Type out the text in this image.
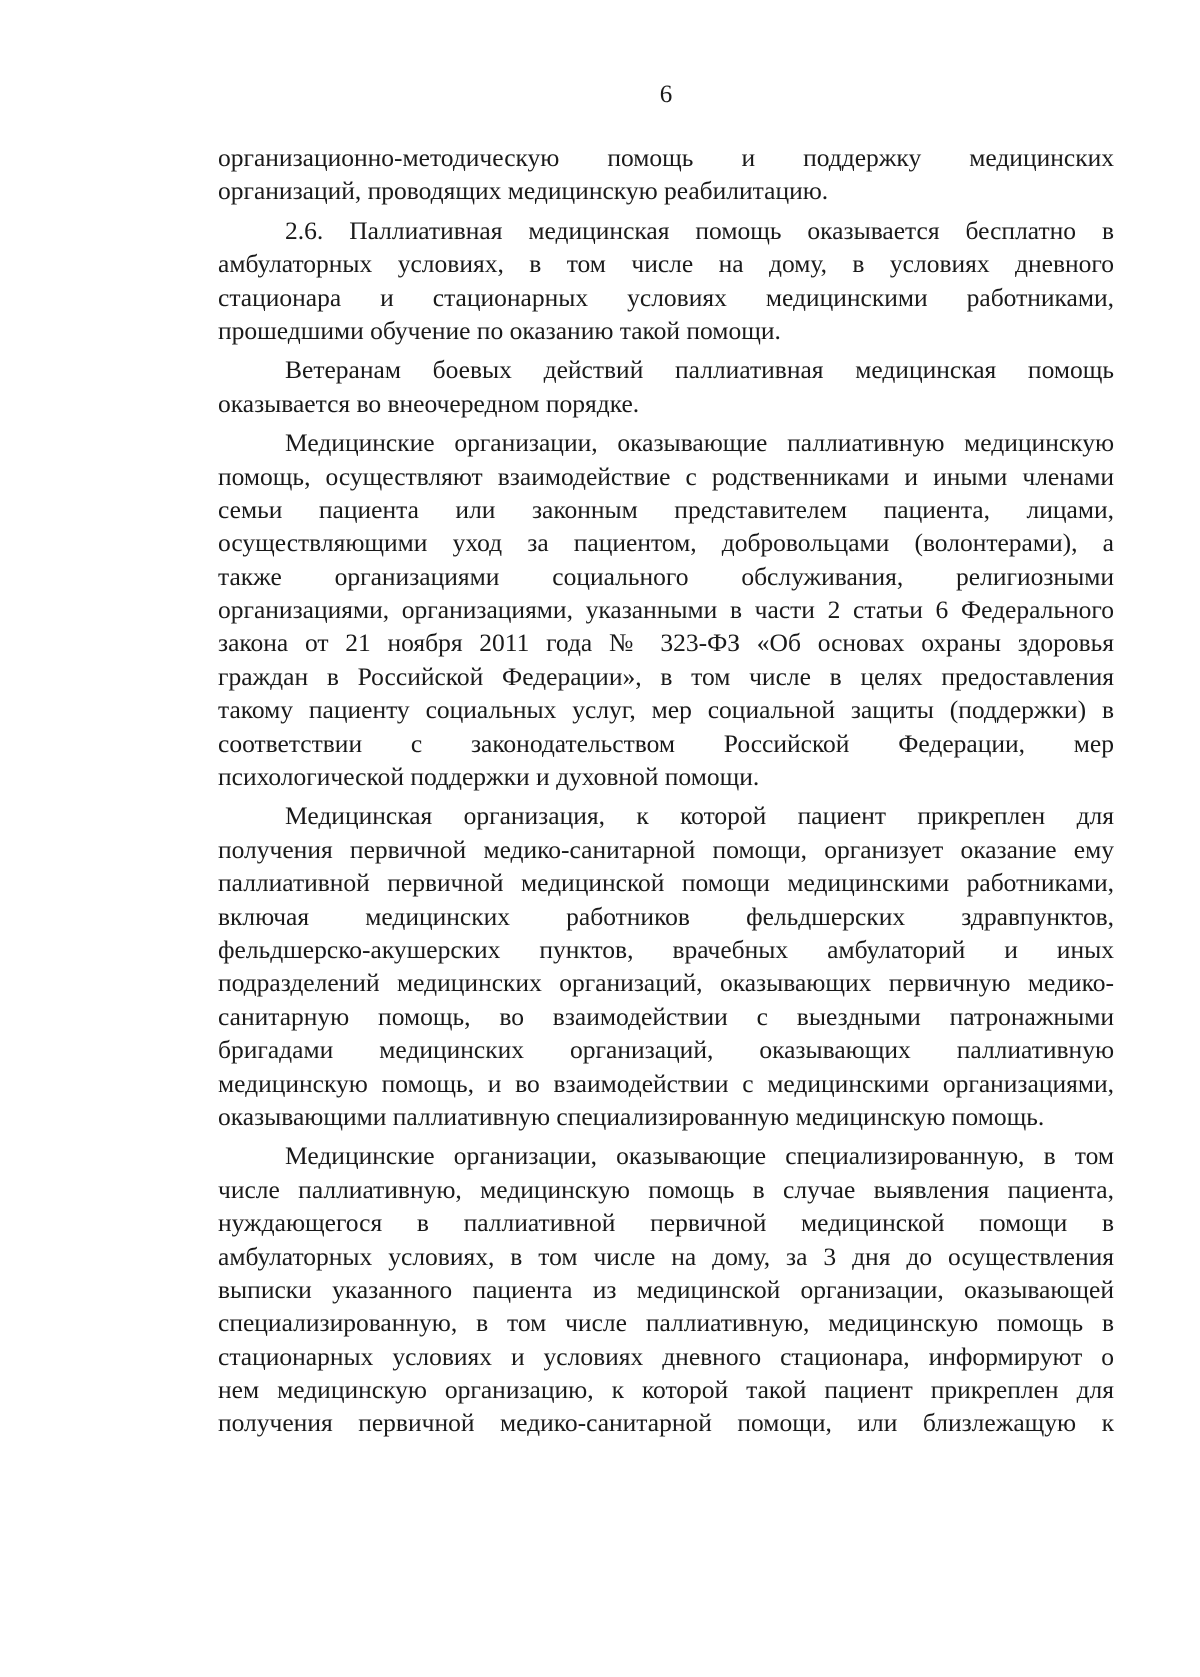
6
организационно-методическую помощь и поддержку медицинских
организаций, проводящих медицинскую реабилитацию.
2.6. Паллиативная медицинская помощь оказывается бесплатно в
амбулаторных условиях, в том числе на дому, в условиях дневного
стационара и стационарных условиях медицинскими работниками,
прошедшими обучение по оказанию такой помощи.
Ветеранам боевых действий паллиативная медицинская помощь
оказывается во внеочередном порядке.
Медицинские организации, оказывающие паллиативную медицинскую
помощь, осуществляют взаимодействие с родственниками и иными членами
семьи пациента или законным представителем пациента, лицами,
осуществляющими уход за пациентом, добровольцами (волонтерами), а
также организациями социального обслуживания, религиозными
организациями, организациями, указанными в части 2 статьи 6 Федерального
закона от 21 ноября 2011 года № 323-ФЗ «Об основах охраны здоровья
граждан в Российской Федерации», в том числе в целях предоставления
такому пациенту социальных услуг, мер социальной защиты (поддержки) в
соответствии с законодательством Российской Федерации, мер
психологической поддержки и духовной помощи.
Медицинская организация, к которой пациент прикреплен для
получения первичной медико-санитарной помощи, организует оказание ему
паллиативной первичной медицинской помощи медицинскими работниками,
включая медицинских работников фельдшерских здравпунктов,
фельдшерско-акушерских пунктов, врачебных амбулаторий и иных
подразделений медицинских организаций, оказывающих первичную медико-
санитарную помощь, во взаимодействии с выездными патронажными
бригадами медицинских организаций, оказывающих паллиативную
медицинскую помощь, и во взаимодействии с медицинскими организациями,
оказывающими паллиативную специализированную медицинскую помощь.
Медицинские организации, оказывающие специализированную, в том
числе паллиативную, медицинскую помощь в случае выявления пациента,
нуждающегося в паллиативной первичной медицинской помощи в
амбулаторных условиях, в том числе на дому, за 3 дня до осуществления
выписки указанного пациента из медицинской организации, оказывающей
специализированную, в том числе паллиативную, медицинскую помощь в
стационарных условиях и условиях дневного стационара, информируют о
нем медицинскую организацию, к которой такой пациент прикреплен для
получения первичной медико-санитарной помощи, или близлежащую к
